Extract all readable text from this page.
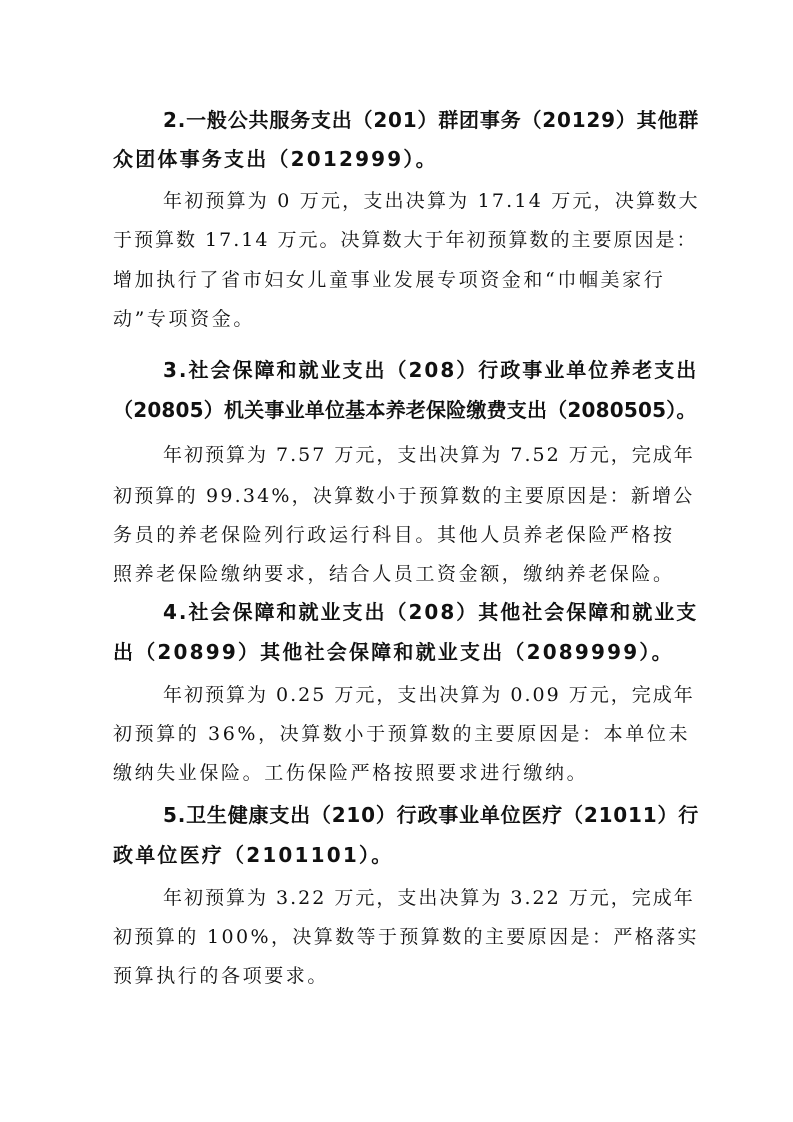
2.一般公共服务支出（201）群团事务（20129）其他群
众团体事务支出（2012999）。
年初预算为 0 万元，支出决算为 17.14 万元，决算数大
于预算数 17.14 万元。决算数大于年初预算数的主要原因是：
增加执行了省市妇女儿童事业发展专项资金和“巾帼美家行
动”专项资金。
3.社会保障和就业支出（208）行政事业单位养老支出
（20805）机关事业单位基本养老保险缴费支出（2080505）。
年初预算为 7.57 万元，支出决算为 7.52 万元，完成年
初预算的 99.34%，决算数小于预算数的主要原因是：新增公
务员的养老保险列行政运行科目。其他人员养老保险严格按
照养老保险缴纳要求，结合人员工资金额，缴纳养老保险。
4.社会保障和就业支出（208）其他社会保障和就业支
出（20899）其他社会保障和就业支出（2089999）。
年初预算为 0.25 万元，支出决算为 0.09 万元，完成年
初预算的 36%，决算数小于预算数的主要原因是：本单位未
缴纳失业保险。工伤保险严格按照要求进行缴纳。
5.卫生健康支出（210）行政事业单位医疗（21011）行
政单位医疗（2101101）。
年初预算为 3.22 万元，支出决算为 3.22 万元，完成年
初预算的 100%，决算数等于预算数的主要原因是：严格落实
预算执行的各项要求。
